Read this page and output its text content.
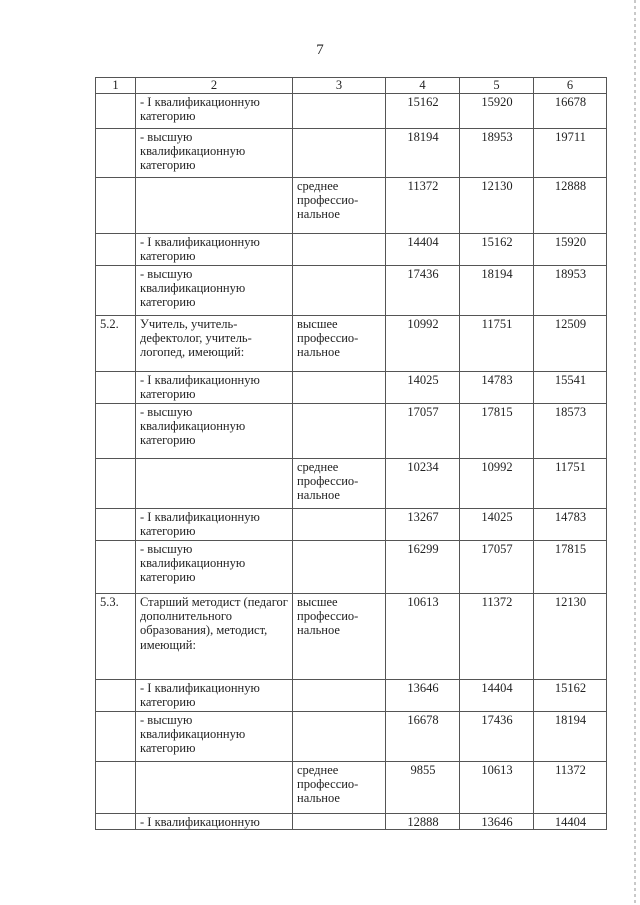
7
1	2	3	4	5	6
	- I квалификационную категорию		15162	15920	16678
	- высшую квалификационную категорию		18194	18953	19711
		среднее профессио-нальное	11372	12130	12888
	- I квалификационную категорию		14404	15162	15920
	- высшую квалификационную категорию		17436	18194	18953
5.2.	Учитель, учитель-дефектолог, учитель-логопед, имеющий:	высшее профессио-нальное	10992	11751	12509
	- I квалификационную категорию		14025	14783	15541
	- высшую квалификационную категорию		17057	17815	18573
		среднее профессио-нальное	10234	10992	11751
	- I квалификационную категорию		13267	14025	14783
	- высшую квалификационную категорию		16299	17057	17815
5.3.	Старший методист (педагог дополнительного образования), методист, имеющий:	высшее профессио-нальное	10613	11372	12130
	- I квалификационную категорию		13646	14404	15162
	- высшую квалификационную категорию		16678	17436	18194
		среднее профессио-нальное	9855	10613	11372
	- I квалификационную		12888	13646	14404
